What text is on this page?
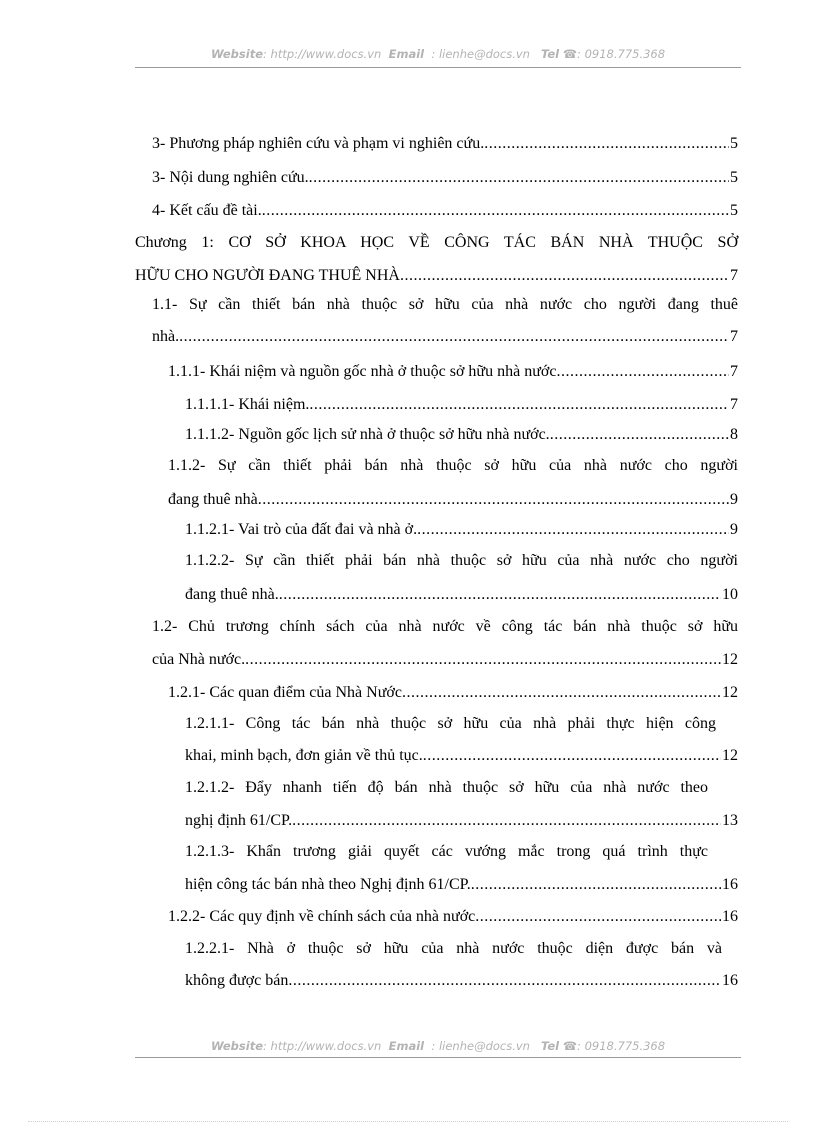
Website: http://www.docs.vn Email : lienhe@docs.vn Tel ☎: 0918.775.368
3- Phương pháp nghiên cứu và phạm vi nghiên cứu. .....	5
3- Nội dung nghiên cứu. .....	5
4- Kết cấu đề tài. .....	5
Chương 1: CƠ SỞ KHOA HỌC VỀ CÔNG TÁC BÁN NHÀ THUỘC SỞ
HỮU CHO NGƯỜI ĐANG THUÊ NHÀ .....	7
1.1- Sự cần thiết bán nhà thuộc sở hữu của nhà nước cho người đang thuê
nhà. .....	7
1.1.1- Khái niệm và nguồn gốc nhà ở thuộc sở hữu nhà nước .....	7
1.1.1.1- Khái niệm. .....	7
1.1.1.2- Nguồn gốc lịch sử nhà ở thuộc sở hữu nhà nước. .....	8
1.1.2- Sự cần thiết phải bán nhà thuộc sở hữu của nhà nước cho người
đang thuê nhà .....	9
1.1.2.1- Vai trò của đất đai và nhà ở. .....	9
1.1.2.2- Sự cần thiết phải bán nhà thuộc sở hữu của nhà nước cho người
đang thuê nhà. .....	10
1.2- Chủ trương chính sách của nhà nước về công tác bán nhà thuộc sở hữu
của Nhà nước. .....	12
1.2.1- Các quan điểm của Nhà Nước .....	12
1.2.1.1- Công tác bán nhà thuộc sở hữu của nhà phải thực hiện công
khai, minh bạch, đơn giản về thủ tục. .....	12
1.2.1.2- Đẩy nhanh tiến độ bán nhà thuộc sở hữu của nhà nước theo
nghị định 61/CP. .....	13
1.2.1.3- Khẩn trương giải quyết các vướng mắc trong quá trình thực
hiện công tác bán nhà theo Nghị định 61/CP. .....	16
1.2.2- Các quy định về chính sách của nhà nước .....	16
1.2.2.1- Nhà ở thuộc sở hữu của nhà nước thuộc diện được bán và
không được bán .....	16
Website: http://www.docs.vn Email : lienhe@docs.vn Tel ☎: 0918.775.368
